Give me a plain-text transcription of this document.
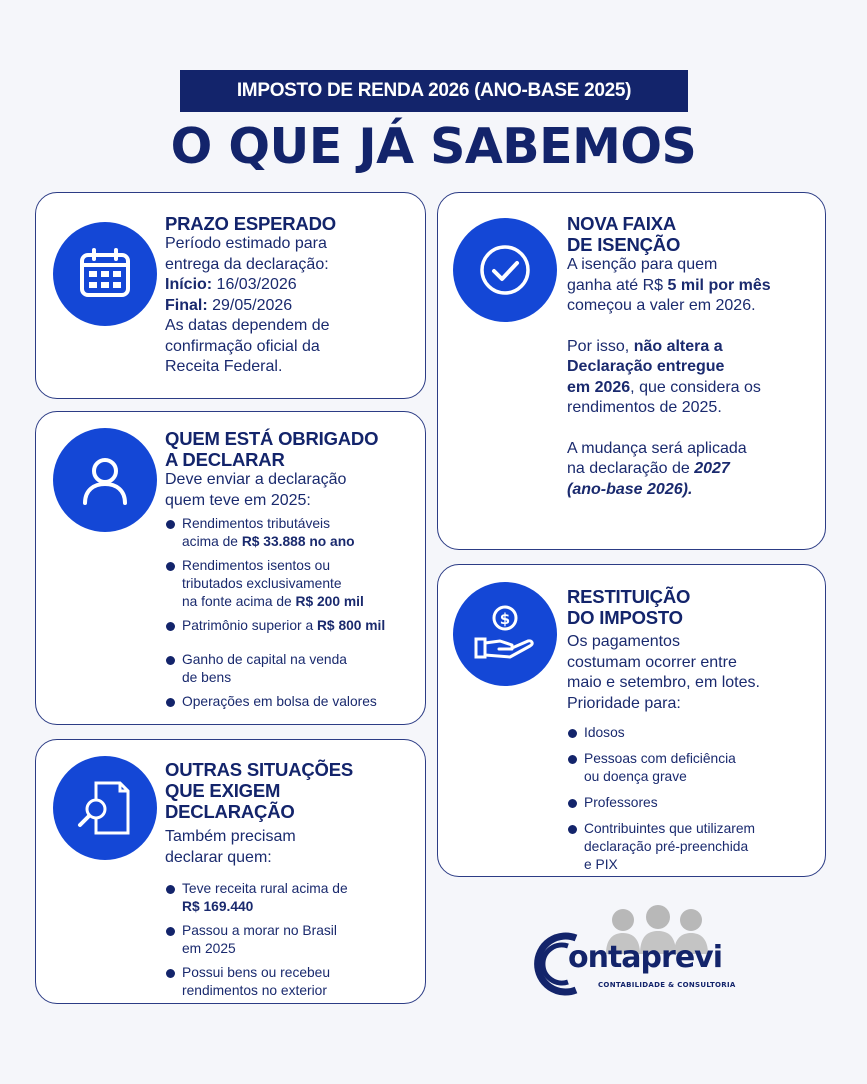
IMPOSTO DE RENDA 2026 (ANO-BASE 2025)
O QUE JÁ SABEMOS
PRAZO ESPERADO
Período estimado para
entrega da declaração:
Início: 16/03/2026
Final: 29/05/2026
As datas dependem de
confirmação oficial da
Receita Federal.
QUEM ESTÁ OBRIGADO
A DECLARAR
Deve enviar a declaração
quem teve em 2025:
Rendimentos tributáveis
acima de R$ 33.888 no ano
Rendimentos isentos ou
tributados exclusivamente
na fonte acima de R$ 200 mil
Patrimônio superior a R$ 800 mil
Ganho de capital na venda
de bens
Operações em bolsa de valores
OUTRAS SITUAÇÕES
QUE EXIGEM
DECLARAÇÃO
Também precisam
declarar quem:
Teve receita rural acima de
R$ 169.440
Passou a morar no Brasil
em 2025
Possui bens ou recebeu
rendimentos no exterior
NOVA FAIXA
DE ISENÇÃO
A isenção para quem
ganha até R$ 5 mil por mês
começou a valer em 2026.
Por isso, não altera a
Declaração entregue
em 2026, que considera os
rendimentos de 2025.
A mudança será aplicada
na declaração de 2027
(ano-base 2026).
$
RESTITUIÇÃO
DO IMPOSTO
Os pagamentos
costumam ocorrer entre
maio e setembro, em lotes.
Prioridade para:
Idosos
Pessoas com deficiência
ou doença grave
Professores
Contribuintes que utilizarem
declaração pré-preenchida
e PIX
ontaprevi
CONTABILIDADE & CONSULTORIA
